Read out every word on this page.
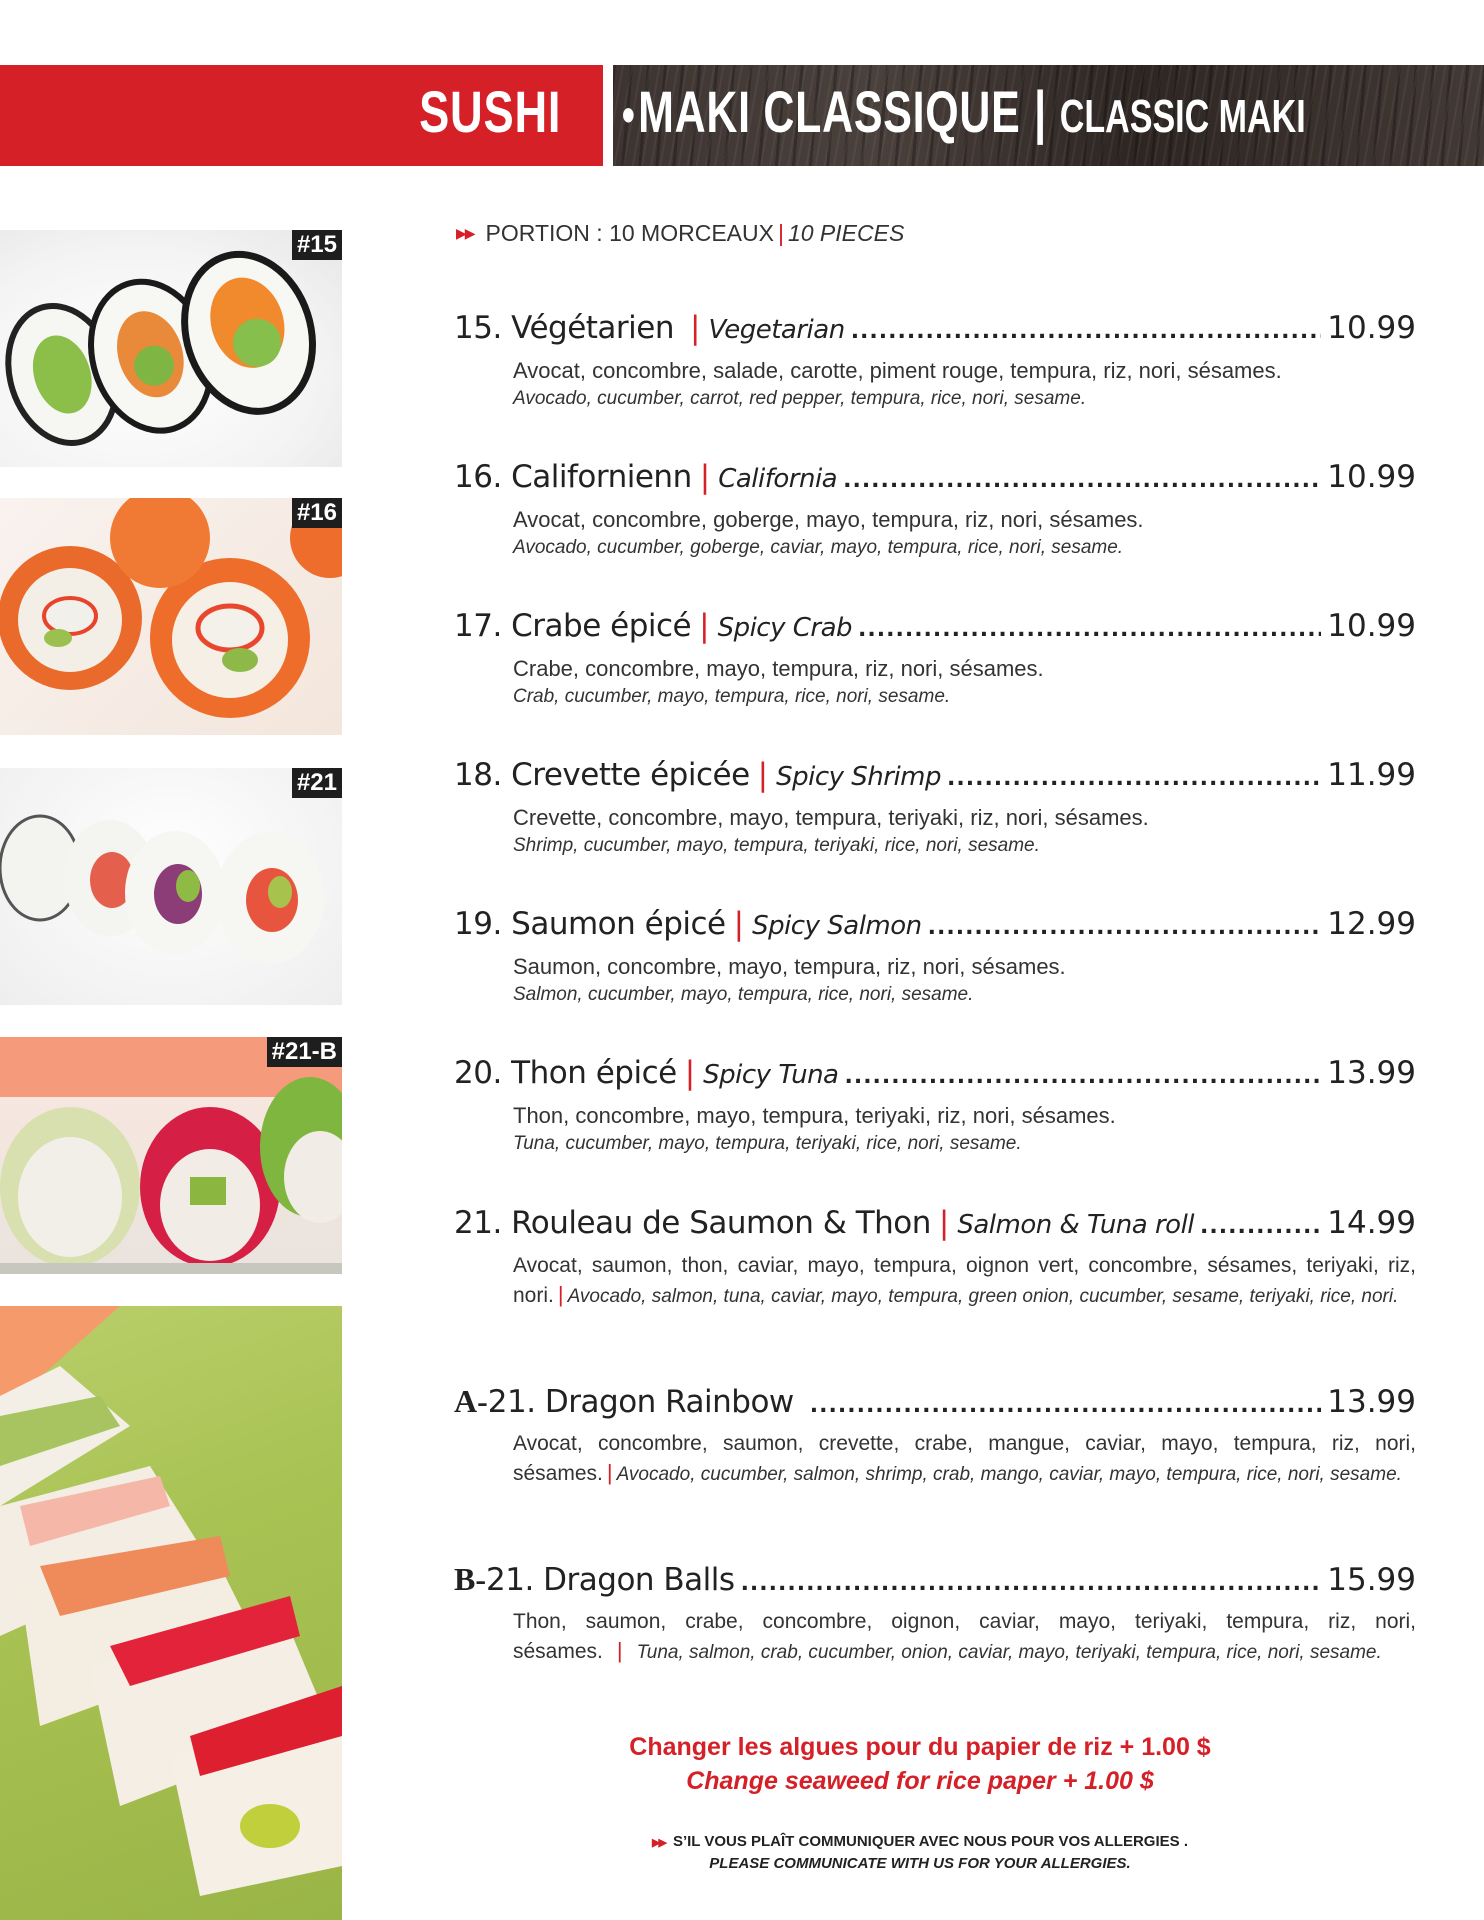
SUSHI • MAKI CLASSIQUE | CLASSIC MAKI
#15
#16
#21
#21-B
▶▶ PORTION : 10 MORCEAUX | 10 PIECES
15. Végétarien | Vegetarian .....	10.99
Avocat, concombre, salade, carotte, piment rouge, tempura, riz, nori, sésames.
Avocado, cucumber, carrot, red pepper, tempura, rice, nori, sesame.
16. Californienn | California .....	10.99
Avocat, concombre, goberge, mayo, tempura, riz, nori, sésames.
Avocado, cucumber, goberge, caviar, mayo, tempura, rice, nori, sesame.
17. Crabe épicé | Spicy Crab .....	10.99
Crabe, concombre, mayo, tempura, riz, nori, sésames.
Crab, cucumber, mayo, tempura, rice, nori, sesame.
18. Crevette épicée | Spicy Shrimp .....	11.99
Crevette, concombre, mayo, tempura, teriyaki, riz, nori, sésames.
Shrimp, cucumber, mayo, tempura, teriyaki, rice, nori, sesame.
19. Saumon épicé | Spicy Salmon .....	12.99
Saumon, concombre, mayo, tempura, riz, nori, sésames.
Salmon, cucumber, mayo, tempura, rice, nori, sesame.
20. Thon épicé | Spicy Tuna .....	13.99
Thon, concombre, mayo, tempura, teriyaki, riz, nori, sésames.
Tuna, cucumber, mayo, tempura, teriyaki, rice, nori, sesame.
21. Rouleau de Saumon & Thon | Salmon & Tuna roll .....	14.99
Avocat, saumon, thon, caviar, mayo, tempura, oignon vert, concombre, sésames, teriyaki, riz, nori. | Avocado, salmon, tuna, caviar, mayo, tempura, green onion, cucumber, sesame, teriyaki, rice, nori.
A-21. Dragon Rainbow .....	13.99
Avocat, concombre, saumon, crevette, crabe, mangue, caviar, mayo, tempura, riz, nori, sésames. | Avocado, cucumber, salmon, shrimp, crab, mango, caviar, mayo, tempura, rice, nori, sesame.
B-21. Dragon Balls .....	15.99
Thon, saumon, crabe, concombre, oignon, caviar, mayo, teriyaki, tempura, riz, nori, sésames. | Tuna, salmon, crab, cucumber, onion, caviar, mayo, teriyaki, tempura, rice, nori, sesame.
Changer les algues pour du papier de riz + 1.00 $
Change seaweed for rice paper + 1.00 $
▶▶ S’IL VOUS PLAÎT COMMUNIQUER AVEC NOUS POUR VOS ALLERGIES .
PLEASE COMMUNICATE WITH US FOR YOUR ALLERGIES.
